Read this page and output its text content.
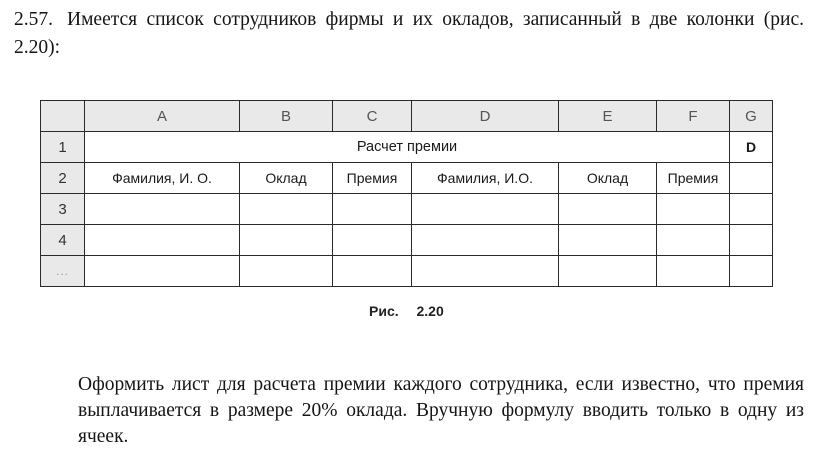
2.57. Имеется список сотрудников фирмы и их окладов, записанный в две колонки (рис. 2.20):
	A	B	C	D	E	F	G
1	Расчет премии						D
2	Фамилия, И. О.	Оклад	Премия	Фамилия, И.О.	Оклад	Премия	
3							
4							
...							
Рис. 2.20
Оформить лист для расчета премии каждого сотрудника, если известно, что премия выплачивается в размере 20% оклада. Вручную формулу вводить только в одну из ячеек.
